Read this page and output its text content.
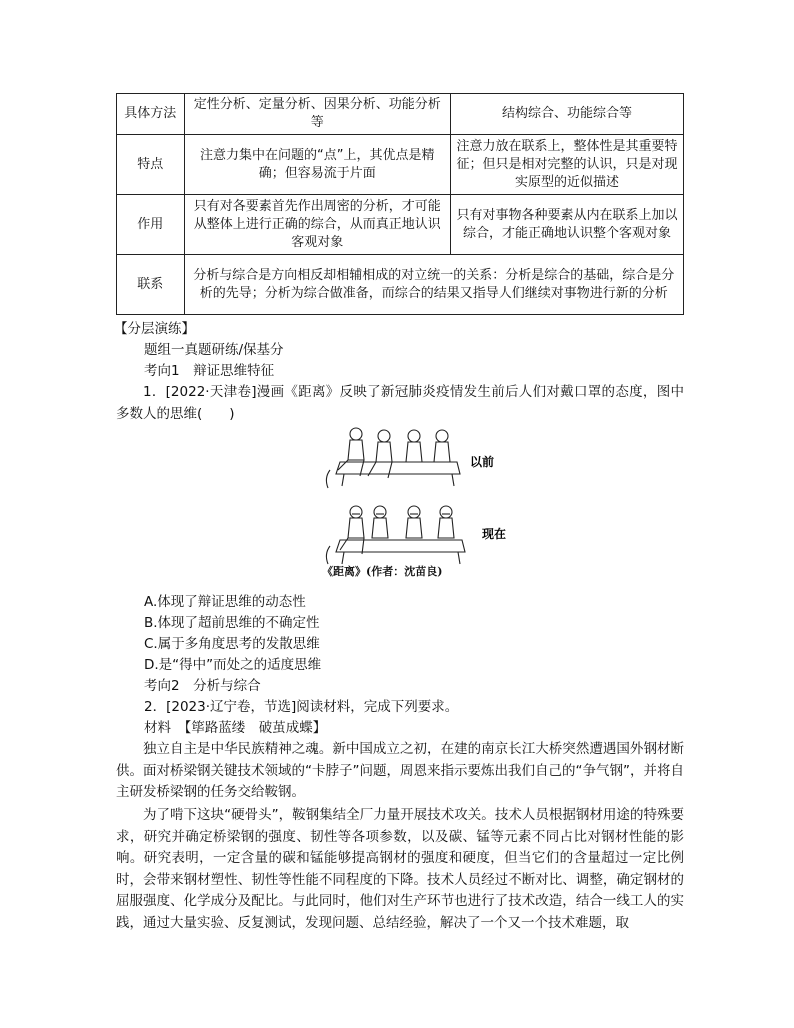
具体方法	定性分析、定量分析、因果分析、功能分析等	结构综合、功能综合等
特点	注意力集中在问题的“点”上，其优点是精确；但容易流于片面	注意力放在联系上，整体性是其重要特征；但只是相对完整的认识，只是对现实原型的近似描述
作用	只有对各要素首先作出周密的分析，才可能从整体上进行正确的综合，从而真正地认识客观对象	只有对事物各种要素从内在联系上加以综合，才能正确地认识整个客观对象
联系	分析与综合是方向相反却相辅相成的对立统一的关系：分析是综合的基础，综合是分析的先导；分析为综合做准备，而综合的结果又指导人们继续对事物进行新的分析	
【分层演练】
题组一真题研练/保基分
考向1　辩证思维特征
1．[2022·天津卷]漫画《距离》反映了新冠肺炎疫情发生前后人们对戴口罩的态度，图中多数人的思维(　　)
以前
现在
《距离》(作者：沈苗良)
A.体现了辩证思维的动态性
B.体现了超前思维的不确定性
C.属于多角度思考的发散思维
D.是“得中”而处之的适度思维
考向2　分析与综合
2．[2023·辽宁卷，节选]阅读材料，完成下列要求。
材料　【筚路蓝缕　破茧成蝶】
独立自主是中华民族精神之魂。新中国成立之初，在建的南京长江大桥突然遭遇国外钢材断供。面对桥梁钢关键技术领域的“卡脖子”问题，周恩来指示要炼出我们自己的“争气钢”，并将自主研发桥梁钢的任务交给鞍钢。
为了啃下这块“硬骨头”，鞍钢集结全厂力量开展技术攻关。技术人员根据钢材用途的特殊要求，研究并确定桥梁钢的强度、韧性等各项参数，以及碳、锰等元素不同占比对钢材性能的影响。研究表明，一定含量的碳和锰能够提高钢材的强度和硬度，但当它们的含量超过一定比例时，会带来钢材塑性、韧性等性能不同程度的下降。技术人员经过不断对比、调整，确定钢材的屈服强度、化学成分及配比。与此同时，他们对生产环节也进行了技术改造，结合一线工人的实践，通过大量实验、反复测试，发现问题、总结经验，解决了一个又一个技术难题，取
